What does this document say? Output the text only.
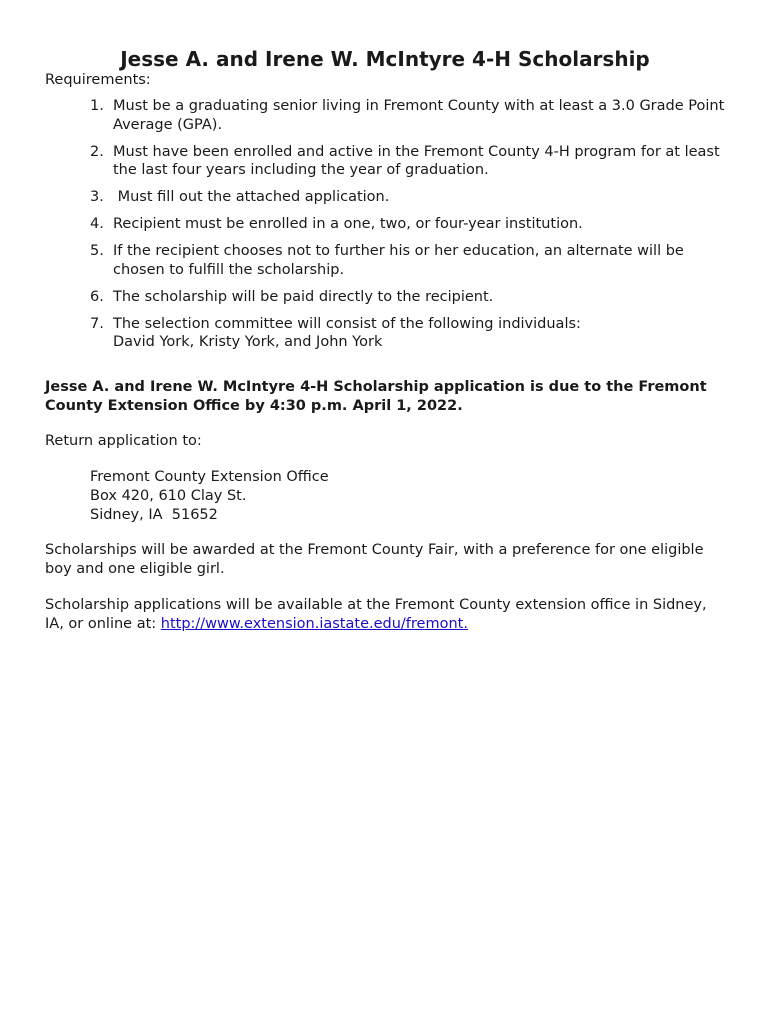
Jesse A. and Irene W. McIntyre 4-H Scholarship

Requirements:

1. Must be a graduating senior living in Fremont County with at least a 3.0 Grade Point Average (GPA).
2. Must have been enrolled and active in the Fremont County 4-H program for at least the last four years including the year of graduation.
3. Must fill out the attached application.
4. Recipient must be enrolled in a one, two, or four-year institution.
5. If the recipient chooses not to further his or her education, an alternate will be chosen to fulfill the scholarship.
6. The scholarship will be paid directly to the recipient.
7. The selection committee will consist of the following individuals:
David York, Kristy York, and John York

Jesse A. and Irene W. McIntyre 4-H Scholarship application is due to the Fremont County Extension Office by 4:30 p.m. April 1, 2022.

Return application to:

Fremont County Extension Office
Box 420, 610 Clay St.
Sidney, IA  51652

Scholarships will be awarded at the Fremont County Fair, with a preference for one eligible boy and one eligible girl.

Scholarship applications will be available at the Fremont County extension office in Sidney, IA, or online at: http://www.extension.iastate.edu/fremont.
